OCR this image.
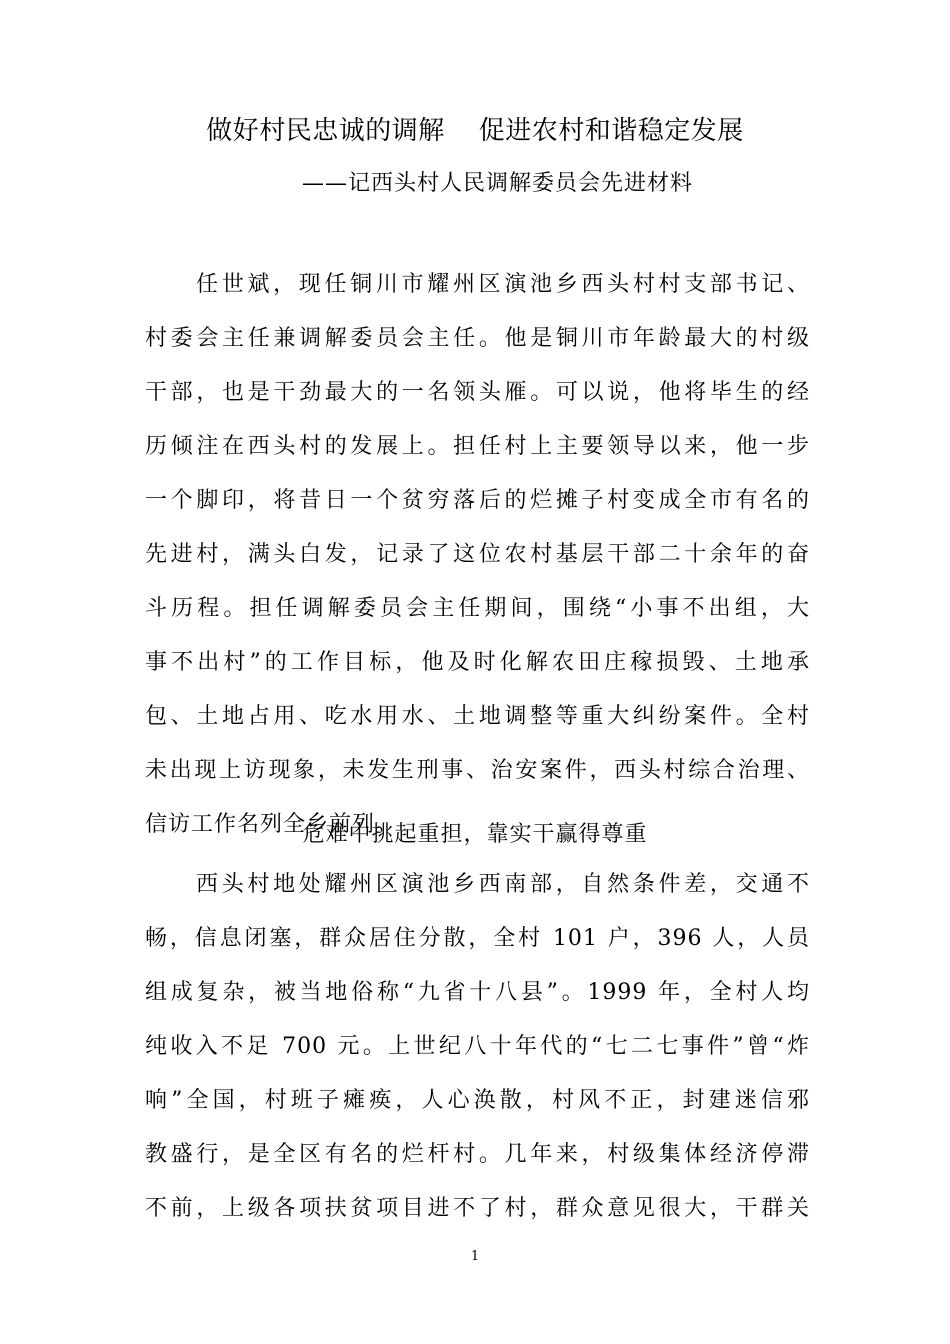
做好村民忠诚的调解 促进农村和谐稳定发展
——记西头村人民调解委员会先进材料
任世斌，现任铜川市耀州区演池乡西头村村支部书记、
村委会主任兼调解委员会主任。他是铜川市年龄最大的村级
干部，也是干劲最大的一名领头雁。可以说，他将毕生的经
历倾注在西头村的发展上。担任村上主要领导以来，他一步
一个脚印，将昔日一个贫穷落后的烂摊子村变成全市有名的
先进村，满头白发，记录了这位农村基层干部二十余年的奋
斗历程。担任调解委员会主任期间，围绕“小事不出组，大
事不出村”的工作目标，他及时化解农田庄稼损毁、土地承
包、土地占用、吃水用水、土地调整等重大纠纷案件。全村
未出现上访现象，未发生刑事、治安案件，西头村综合治理、
信访工作名列全乡前列。
危难中挑起重担，靠实干赢得尊重
西头村地处耀州区演池乡西南部，自然条件差，交通不
畅，信息闭塞，群众居住分散，全村 101 户，396 人，人员
组成复杂，被当地俗称“九省十八县”。1999 年，全村人均
纯收入不足 700 元。上世纪八十年代的“七二七事件”曾“炸
响”全国，村班子瘫痪，人心涣散，村风不正，封建迷信邪
教盛行，是全区有名的烂杆村。几年来，村级集体经济停滞
不前，上级各项扶贫项目进不了村，群众意见很大，干群关
1
